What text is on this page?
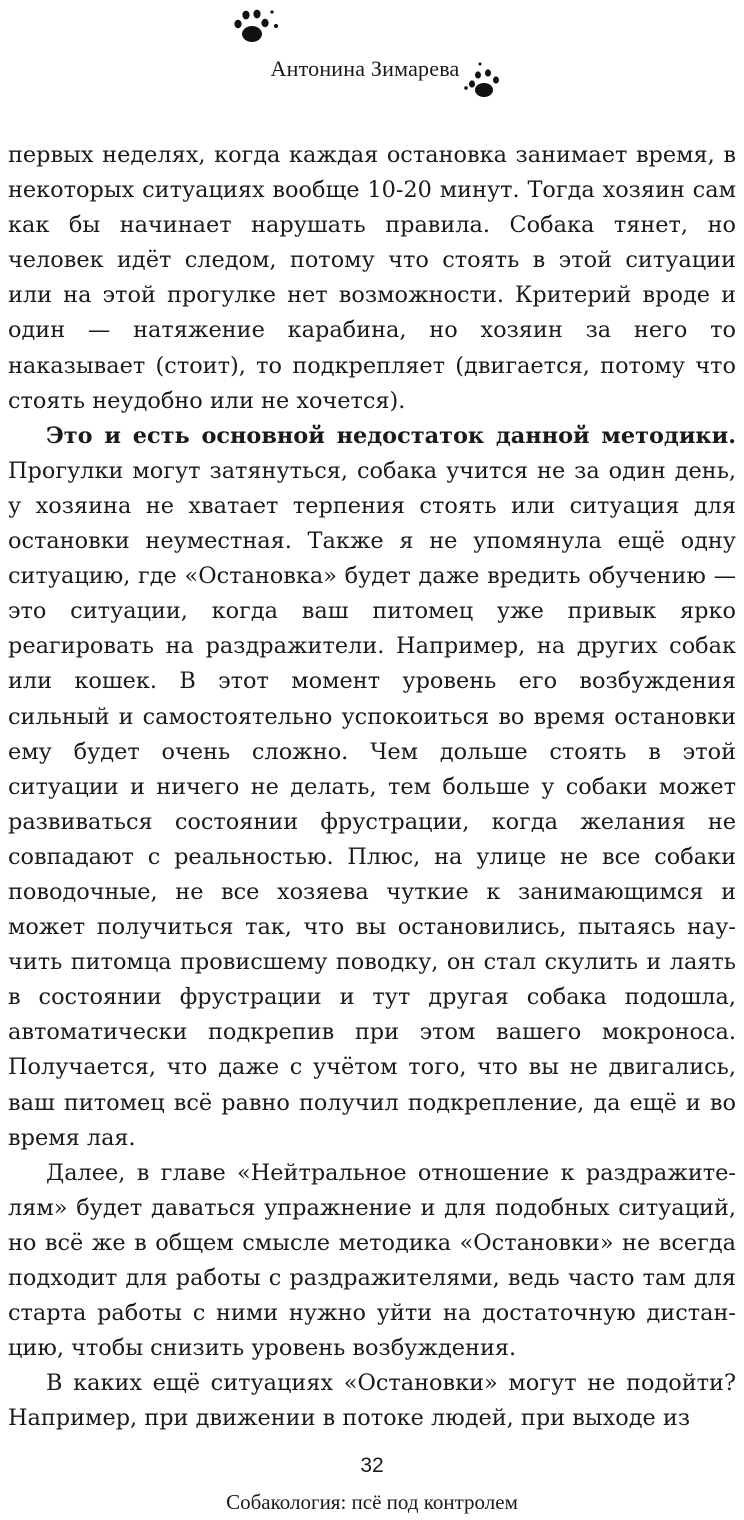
Антонина Зимарева

первых неделях, когда каждая остановка занимает время, в некоторых ситуациях вообще 10-20 минут. Тогда хозяин сам как бы начинает нарушать правила. Собака тянет, но человек идёт следом, потому что стоять в этой ситуации или на этой прогулке нет возможности. Критерий вроде и один — натяжение карабина, но хозяин за него то наказывает (стоит), то подкрепляет (двигается, потому что стоять неудобно или не хочется).

Это и есть основной недостаток данной методики. Прогулки могут затянуться, собака учится не за один день, у хозяина не хватает терпения стоять или ситуация для остановки неуместная. Также я не упомянула ещё одну ситуацию, где «Остановка» будет даже вредить обучению — это ситуации, когда ваш питомец уже привык ярко реагировать на раздражители. Например, на других собак или кошек. В этот момент уровень его возбуждения сильный и самостоятельно успокоиться во время остановки ему будет очень сложно. Чем дольше стоять в этой ситуации и ничего не делать, тем больше у собаки может развиваться состоянии фрустрации, когда желания не совпадают с реальностью. Плюс, на улице не все собаки поводочные, не все хозяева чуткие к занимающимся и может получиться так, что вы остановились, пытаясь научить питомца провисшему поводку, он стал скулить и лаять в состоянии фрустрации и тут другая собака подошла, автоматически подкрепив при этом вашего мокроноса. Получается, что даже с учётом того, что вы не двигались, ваш питомец всё равно получил подкрепление, да ещё и во время лая.

Далее, в главе «Нейтральное отношение к раздражителям» будет даваться упражнение и для подобных ситуаций, но всё же в общем смысле методика «Остановки» не всегда подходит для работы с раздражителями, ведь часто там для старта работы с ними нужно уйти на достаточную дистанцию, чтобы снизить уровень возбуждения.

В каких ещё ситуациях «Остановки» могут не подойти? Например, при движении в потоке людей, при выходе из

32
Собакология: псё под контролем
